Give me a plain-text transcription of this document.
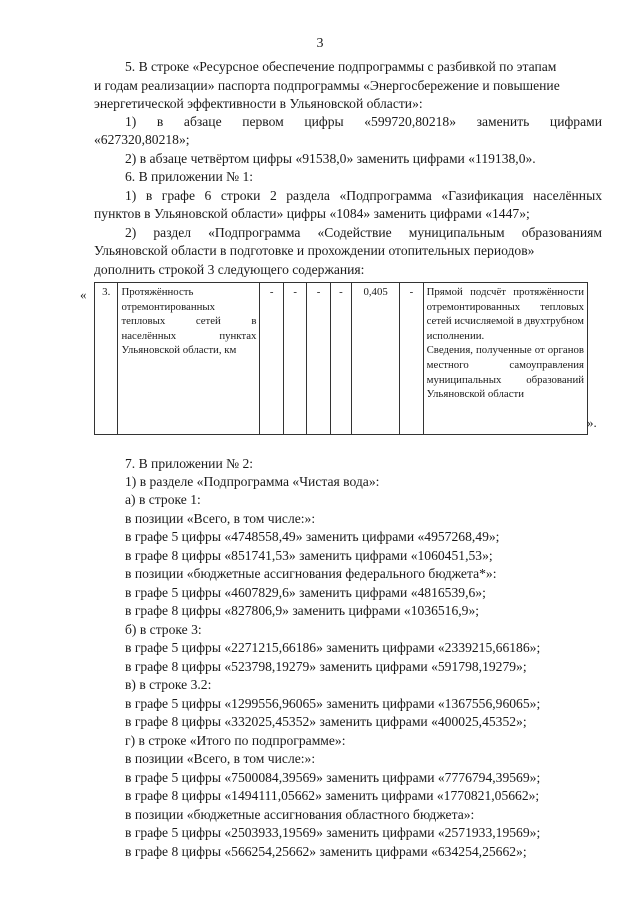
3
5. В строке «Ресурсное обеспечение подпрограммы с разбивкой по этапам
и годам реализации» паспорта подпрограммы «Энергосбережение и повышение
энергетической эффективности в Ульяновской области»:
1) в абзаце первом цифры «599720,80218» заменить цифрами
«627320,80218»;
2) в абзаце четвёртом цифры «91538,0» заменить цифрами «119138,0».
6. В приложении № 1:
1) в графе 6 строки 2 раздела «Подпрограмма «Газификация населённых
пунктов в Ульяновской области» цифры «1084» заменить цифрами «1447»;
2) раздел «Подпрограмма «Содействие муниципальным образованиям
Ульяновской области в подготовке и прохождении отопительных периодов»
дополнить строкой 3 следующего содержания:
« 3.	Протяжённость отремонтированных тепловых сетей в населённых пунктах Ульяновской области, км	-	-	-	-	0,405	-	Прямой подсчёт протяжённости отремонтированных тепловых сетей исчисляемой в двухтрубном исполнении.
Сведения, полученные от органов местного самоуправления муниципальных образований Ульяновской области
».
7. В приложении № 2:
1) в разделе «Подпрограмма «Чистая вода»:
а) в строке 1:
в позиции «Всего, в том числе:»:
в графе 5 цифры «4748558,49» заменить цифрами «4957268,49»;
в графе 8 цифры «851741,53» заменить цифрами «1060451,53»;
в позиции «бюджетные ассигнования федерального бюджета*»:
в графе 5 цифры «4607829,6» заменить цифрами «4816539,6»;
в графе 8 цифры «827806,9» заменить цифрами «1036516,9»;
б) в строке 3:
в графе 5 цифры «2271215,66186» заменить цифрами «2339215,66186»;
в графе 8 цифры «523798,19279» заменить цифрами «591798,19279»;
в) в строке 3.2:
в графе 5 цифры «1299556,96065» заменить цифрами «1367556,96065»;
в графе 8 цифры «332025,45352» заменить цифрами «400025,45352»;
г) в строке «Итого по подпрограмме»:
в позиции «Всего, в том числе:»:
в графе 5 цифры «7500084,39569» заменить цифрами «7776794,39569»;
в графе 8 цифры «1494111,05662» заменить цифрами «1770821,05662»;
в позиции «бюджетные ассигнования областного бюджета»:
в графе 5 цифры «2503933,19569» заменить цифрами «2571933,19569»;
в графе 8 цифры «566254,25662» заменить цифрами «634254,25662»;
